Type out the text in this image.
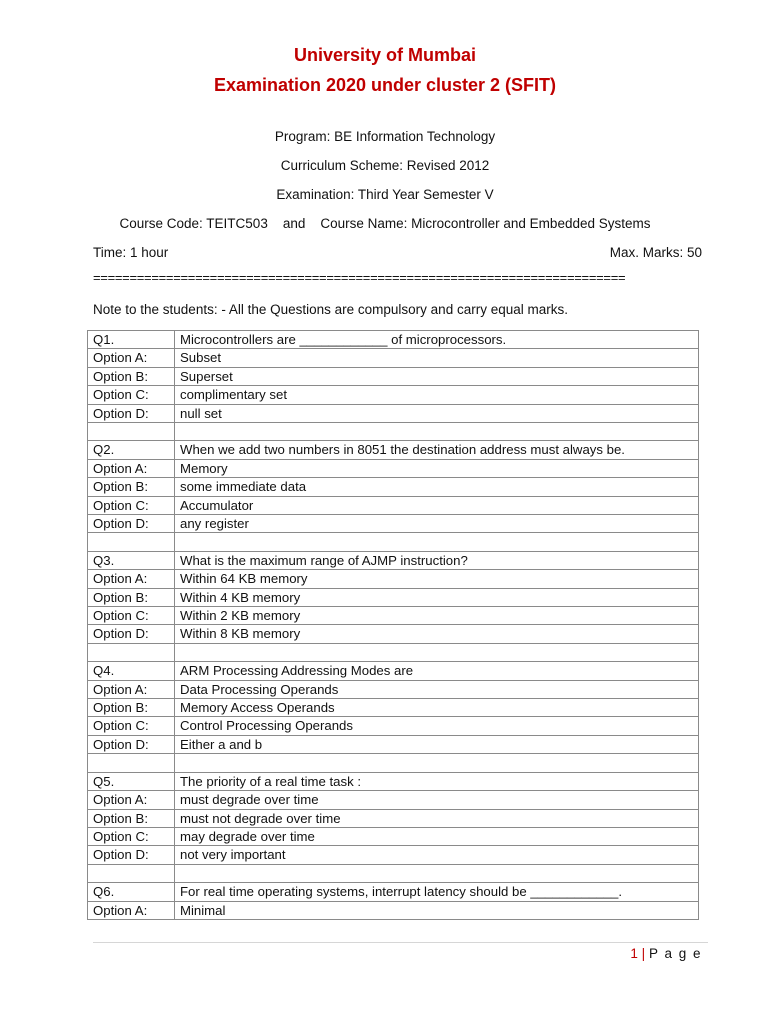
University of Mumbai
Examination 2020 under cluster 2 (SFIT)
Program: BE Information Technology
Curriculum Scheme: Revised 2012
Examination: Third Year Semester V
Course Code: TEITC503    and    Course Name: Microcontroller and Embedded Systems
Time: 1 hour	Max. Marks: 50
=========================================================================
Note to the students: - All the Questions are compulsory and carry equal marks.
Q1.	Microcontrollers are ____________ of microprocessors.
Option A:	Subset
Option B:	Superset
Option C:	complimentary set
Option D:	null set

Q2.	When we add two numbers in 8051 the destination address must always be.
Option A:	Memory
Option B:	some immediate data
Option C:	Accumulator
Option D:	any register

Q3.	What is the maximum range of AJMP instruction?
Option A:	Within 64 KB memory
Option B:	Within 4 KB memory
Option C:	Within 2 KB memory
Option D:	Within 8 KB memory

Q4.	ARM Processing Addressing Modes are
Option A:	Data Processing Operands
Option B:	Memory Access Operands
Option C:	Control Processing Operands
Option D:	Either a and b

Q5.	The priority of a real time task :
Option A:	must degrade over time
Option B:	must not degrade over time
Option C:	may degrade over time
Option D:	not very important

Q6.	For real time operating systems, interrupt latency should be ____________.
Option A:	Minimal
1 | P a g e
